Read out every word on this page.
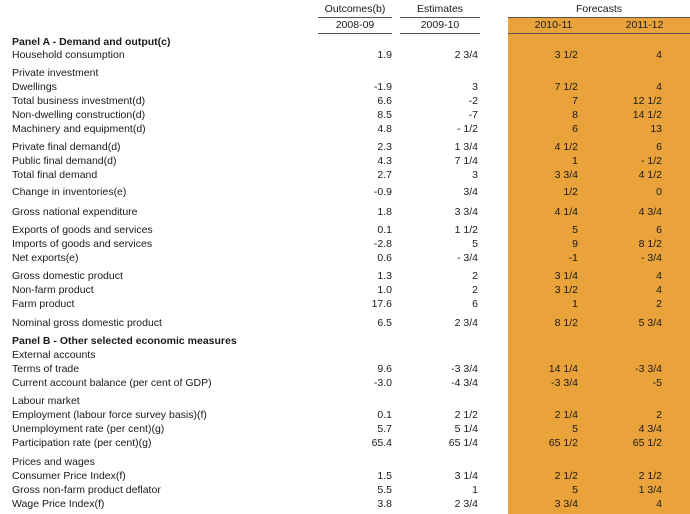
Outcomes(b)	Estimates	Forecasts
2008-09	2009-10	2010-11	2011-12
Panel A - Demand and output(c)
Household consumption	1.9	2 3/4	3 1/2	4
Private investment
Dwellings	-1.9	3	7 1/2	4
Total business investment(d)	6.6	-2	7	12 1/2
Non-dwelling construction(d)	8.5	-7	8	14 1/2
Machinery and equipment(d)	4.8	- 1/2	6	13
Private final demand(d)	2.3	1 3/4	4 1/2	6
Public final demand(d)	4.3	7 1/4	1	- 1/2
Total final demand	2.7	3	3 3/4	4 1/2
Change in inventories(e)	-0.9	3/4	1/2	0
Gross national expenditure	1.8	3 3/4	4 1/4	4 3/4
Exports of goods and services	0.1	1 1/2	5	6
Imports of goods and services	-2.8	5	9	8 1/2
Net exports(e)	0.6	- 3/4	-1	- 3/4
Gross domestic product	1.3	2	3 1/4	4
Non-farm product	1.0	2	3 1/2	4
Farm product	17.6	6	1	2
Nominal gross domestic product	6.5	2 3/4	8 1/2	5 3/4
Panel B - Other selected economic measures
External accounts
Terms of trade	9.6	-3 3/4	14 1/4	-3 3/4
Current account balance (per cent of GDP)	-3.0	-4 3/4	-3 3/4	-5
Labour market
Employment (labour force survey basis)(f)	0.1	2 1/2	2 1/4	2
Unemployment rate (per cent)(g)	5.7	5 1/4	5	4 3/4
Participation rate (per cent)(g)	65.4	65 1/4	65 1/2	65 1/2
Prices and wages
Consumer Price Index(f)	1.5	3 1/4	2 1/2	2 1/2
Gross non-farm product deflator	5.5	1	5	1 3/4
Wage Price Index(f)	3.8	2 3/4	3 3/4	4
